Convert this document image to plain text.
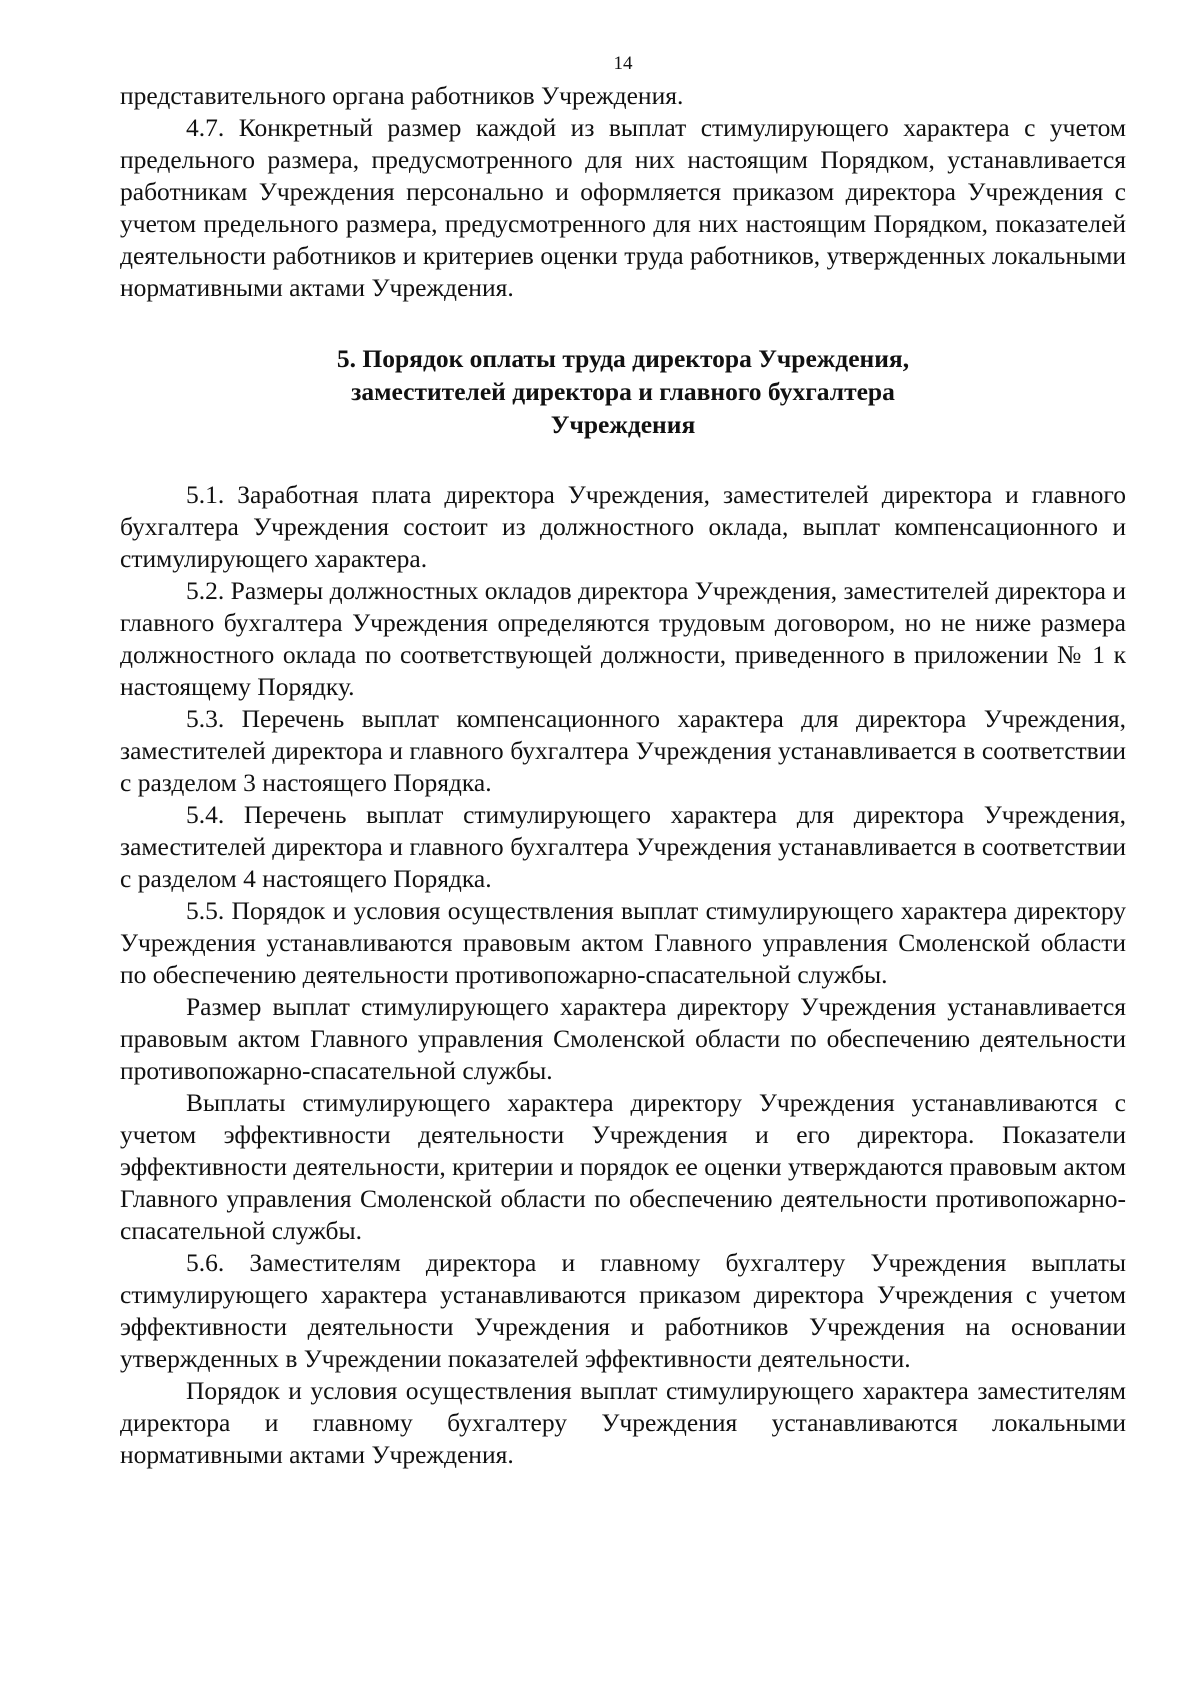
14

представительного органа работников Учреждения.

4.7. Конкретный размер каждой из выплат стимулирующего характера с учетом предельного размера, предусмотренного для них настоящим Порядком, устанавливается работникам Учреждения персонально и оформляется приказом директора Учреждения с учетом предельного размера, предусмотренного для них настоящим Порядком, показателей деятельности работников и критериев оценки труда работников, утвержденных локальными нормативными актами Учреждения.

5. Порядок оплаты труда директора Учреждения,
заместителей директора и главного бухгалтера
Учреждения

5.1. Заработная плата директора Учреждения, заместителей директора и главного бухгалтера Учреждения состоит из должностного оклада, выплат компенсационного и стимулирующего характера.

5.2. Размеры должностных окладов директора Учреждения, заместителей директора и главного бухгалтера Учреждения определяются трудовым договором, но не ниже размера должностного оклада по соответствующей должности, приведенного в приложении № 1 к настоящему Порядку.

5.3. Перечень выплат компенсационного характера для директора Учреждения, заместителей директора и главного бухгалтера Учреждения устанавливается в соответствии с разделом 3 настоящего Порядка.

5.4. Перечень выплат стимулирующего характера для директора Учреждения, заместителей директора и главного бухгалтера Учреждения устанавливается в соответствии с разделом 4 настоящего Порядка.

5.5. Порядок и условия осуществления выплат стимулирующего характера директору Учреждения устанавливаются правовым актом Главного управления Смоленской области по обеспечению деятельности противопожарно-спасательной службы.

Размер выплат стимулирующего характера директору Учреждения устанавливается правовым актом Главного управления Смоленской области по обеспечению деятельности противопожарно-спасательной службы.

Выплаты стимулирующего характера директору Учреждения устанавливаются с учетом эффективности деятельности Учреждения и его директора. Показатели эффективности деятельности, критерии и порядок ее оценки утверждаются правовым актом Главного управления Смоленской области по обеспечению деятельности противопожарно-спасательной службы.

5.6. Заместителям директора и главному бухгалтеру Учреждения выплаты стимулирующего характера устанавливаются приказом директора Учреждения с учетом эффективности деятельности Учреждения и работников Учреждения на основании утвержденных в Учреждении показателей эффективности деятельности.

Порядок и условия осуществления выплат стимулирующего характера заместителям директора и главному бухгалтеру Учреждения устанавливаются локальными нормативными актами Учреждения.
